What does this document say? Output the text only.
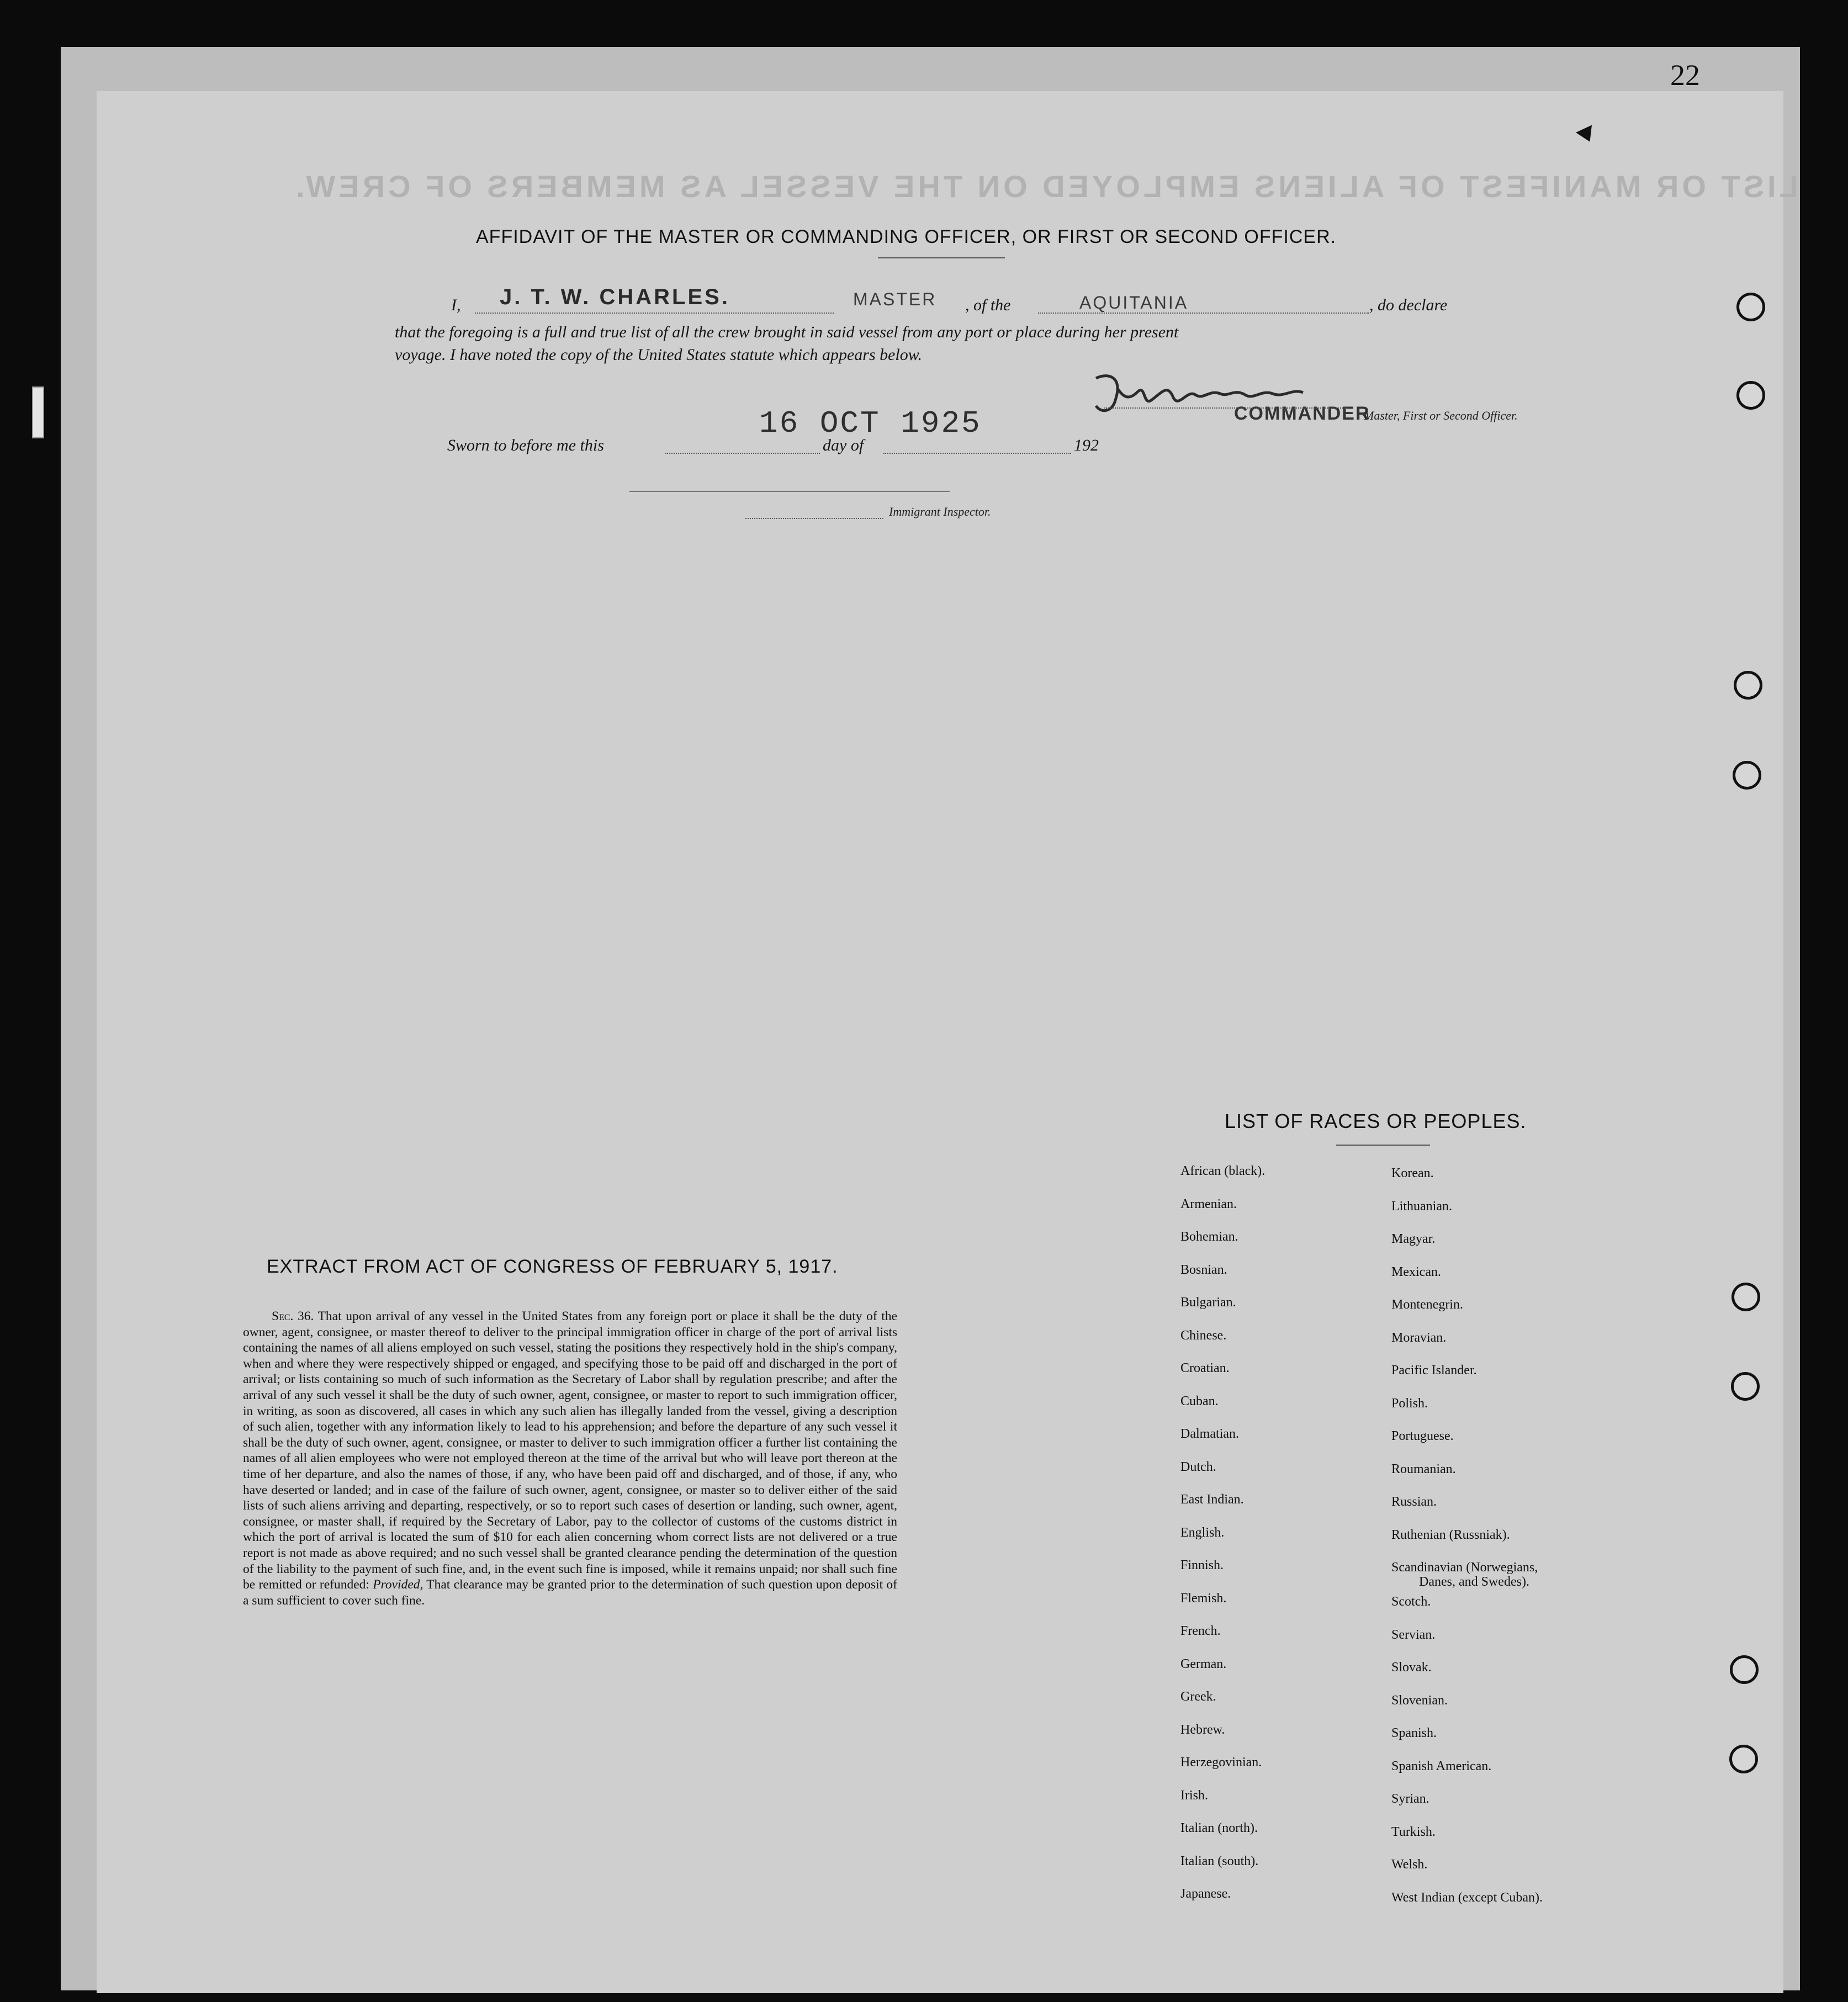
22
LIST OR MANIFEST OF ALIENS EMPLOYED ON THE VESSEL AS MEMBERS OF CREW.
AFFIDAVIT OF THE MASTER OR COMMANDING OFFICER, OR FIRST OR SECOND OFFICER.
I, J. T. W. CHARLES.	MASTER , of the	AQUITANIA	, do declare
that the foregoing is a full and true list of all the crew brought in said vessel from any port or place during her present
voyage. I have noted the copy of the United States statute which appears below.
COMMANDER
Master, First or Second Officer.
Sworn to before me this
16 OCT 1925
day of	192
Immigrant Inspector.
EXTRACT FROM ACT OF CONGRESS OF FEBRUARY 5, 1917.
Sec. 36. That upon arrival of any vessel in the United States from any foreign port or place it shall be the duty of the owner, agent, consignee, or master thereof to deliver to the principal immigration officer in charge of the port of arrival lists containing the names of all aliens employed on such vessel, stating the positions they respectively hold in the ship's company, when and where they were respectively shipped or engaged, and specifying those to be paid off and discharged in the port of arrival; or lists containing so much of such information as the Secretary of Labor shall by regulation prescribe; and after the arrival of any such vessel it shall be the duty of such owner, agent, consignee, or master to report to such immigration officer, in writing, as soon as discovered, all cases in which any such alien has illegally landed from the vessel, giving a description of such alien, together with any information likely to lead to his apprehension; and before the departure of any such vessel it shall be the duty of such owner, agent, consignee, or master to deliver to such immigration officer a further list containing the names of all alien employees who were not employed thereon at the time of the arrival but who will leave port thereon at the time of her departure, and also the names of those, if any, who have been paid off and discharged, and of those, if any, who have deserted or landed; and in case of the failure of such owner, agent, consignee, or master so to deliver either of the said lists of such aliens arriving and departing, respectively, or so to report such cases of desertion or landing, such owner, agent, consignee, or master shall, if required by the Secretary of Labor, pay to the collector of customs of the customs district in which the port of arrival is located the sum of $10 for each alien concerning whom correct lists are not delivered or a true report is not made as above required; and no such vessel shall be granted clearance pending the determination of the question of the liability to the payment of such fine, and, in the event such fine is imposed, while it remains unpaid; nor shall such fine be remitted or refunded: Provided, That clearance may be granted prior to the determination of such question upon deposit of a sum sufficient to cover such fine.
LIST OF RACES OR PEOPLES.
African (black).
Armenian.
Bohemian.
Bosnian.
Bulgarian.
Chinese.
Croatian.
Cuban.
Dalmatian.
Dutch.
East Indian.
English.
Finnish.
Flemish.
French.
German.
Greek.
Hebrew.
Herzegovinian.
Irish.
Italian (north).
Italian (south).
Japanese.
Korean.
Lithuanian.
Magyar.
Mexican.
Montenegrin.
Moravian.
Pacific Islander.
Polish.
Portuguese.
Roumanian.
Russian.
Ruthenian (Russniak).
Scandinavian (Norwegians,
Danes, and Swedes).
Scotch.
Servian.
Slovak.
Slovenian.
Spanish.
Spanish American.
Syrian.
Turkish.
Welsh.
West Indian (except Cuban).
